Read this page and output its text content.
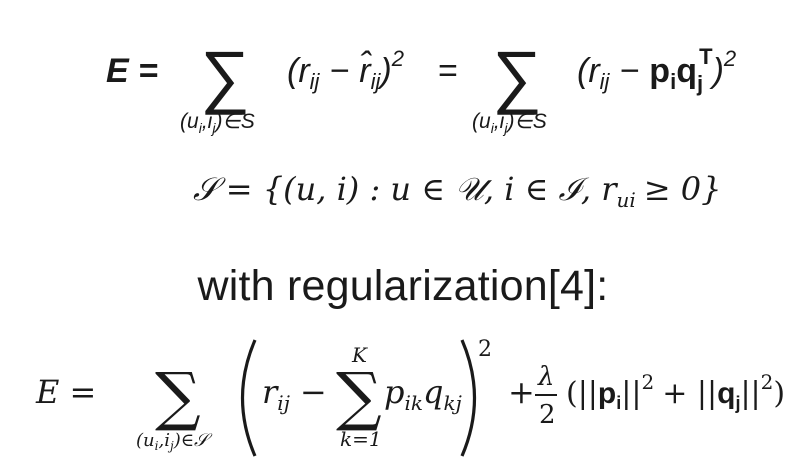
E = ∑
$(u_i,i_j)\in S$
($r_{ij}$ − $r̂_{ij})^2$ = ∑
$(u_i,i_j)\in S$
$(r_{ij} - p_iq_jT)^2$
𝒮 = {(u, i) : u ∈ 𝒰, i ∈ ℐ, $r_{ui} \ge 0$}
E = ∑
$(u_i,i_j)\in 𝒮$
$r_{ij}$ − ∑
K
k=1
$p_{ik}q_{kj}$
2
+ λ
2
$(||p_i||^2 + ||q_j||^2)$
with regularization[4]:
